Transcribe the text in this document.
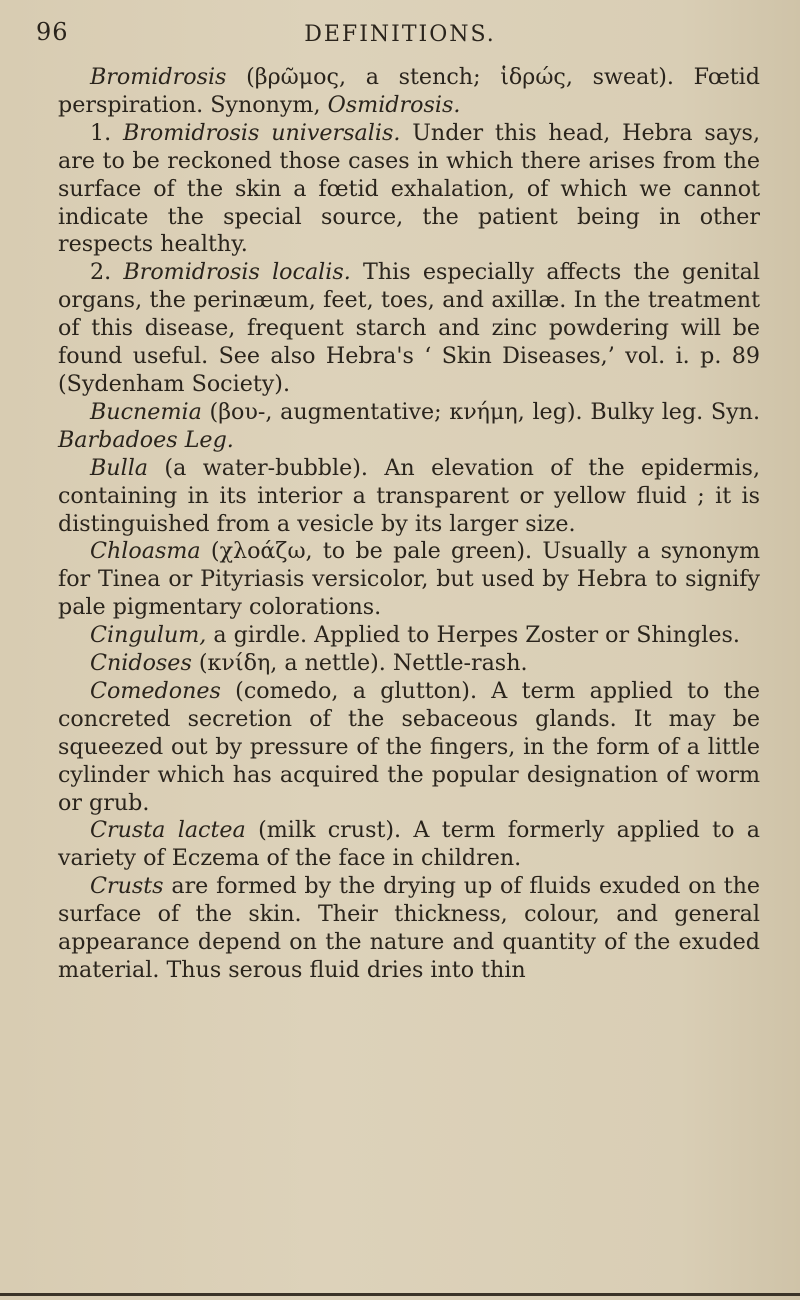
96	DEFINITIONS.

Bromidrosis (βρῶμος, a stench; ἱδρώς, sweat). Fœtid perspiration. Synonym, Osmidrosis.

1. Bromidrosis universalis. Under this head, Hebra says, are to be reckoned those cases in which there arises from the surface of the skin a fœtid exhalation, of which we cannot indicate the special source, the patient being in other respects healthy.

2. Bromidrosis localis. This especially affects the genital organs, the perinæum, feet, toes, and axillæ. In the treatment of this disease, frequent starch and zinc powdering will be found useful. See also Hebra's ‘ Skin Diseases,’ vol. i. p. 89 (Sydenham Society).

Bucnemia (βου-, augmentative; κνήμη, leg). Bulky leg. Syn. Barbadoes Leg.

Bulla (a water-bubble). An elevation of the epidermis, containing in its interior a transparent or yellow fluid ; it is distinguished from a vesicle by its larger size.

Chloasma (χλοάζω, to be pale green). Usually a synonym for Tinea or Pityriasis versicolor, but used by Hebra to signify pale pigmentary colorations.

Cingulum, a girdle. Applied to Herpes Zoster or Shingles.

Cnidoses (κνίδη, a nettle). Nettle-rash.

Comedones (comedo, a glutton). A term applied to the concreted secretion of the sebaceous glands. It may be squeezed out by pressure of the fingers, in the form of a little cylinder which has acquired the popular designation of worm or grub.

Crusta lactea (milk crust). A term formerly applied to a variety of Eczema of the face in children.

Crusts are formed by the drying up of fluids exuded on the surface of the skin. Their thickness, colour, and general appearance depend on the nature and quantity of the exuded material. Thus serous fluid dries into thin
